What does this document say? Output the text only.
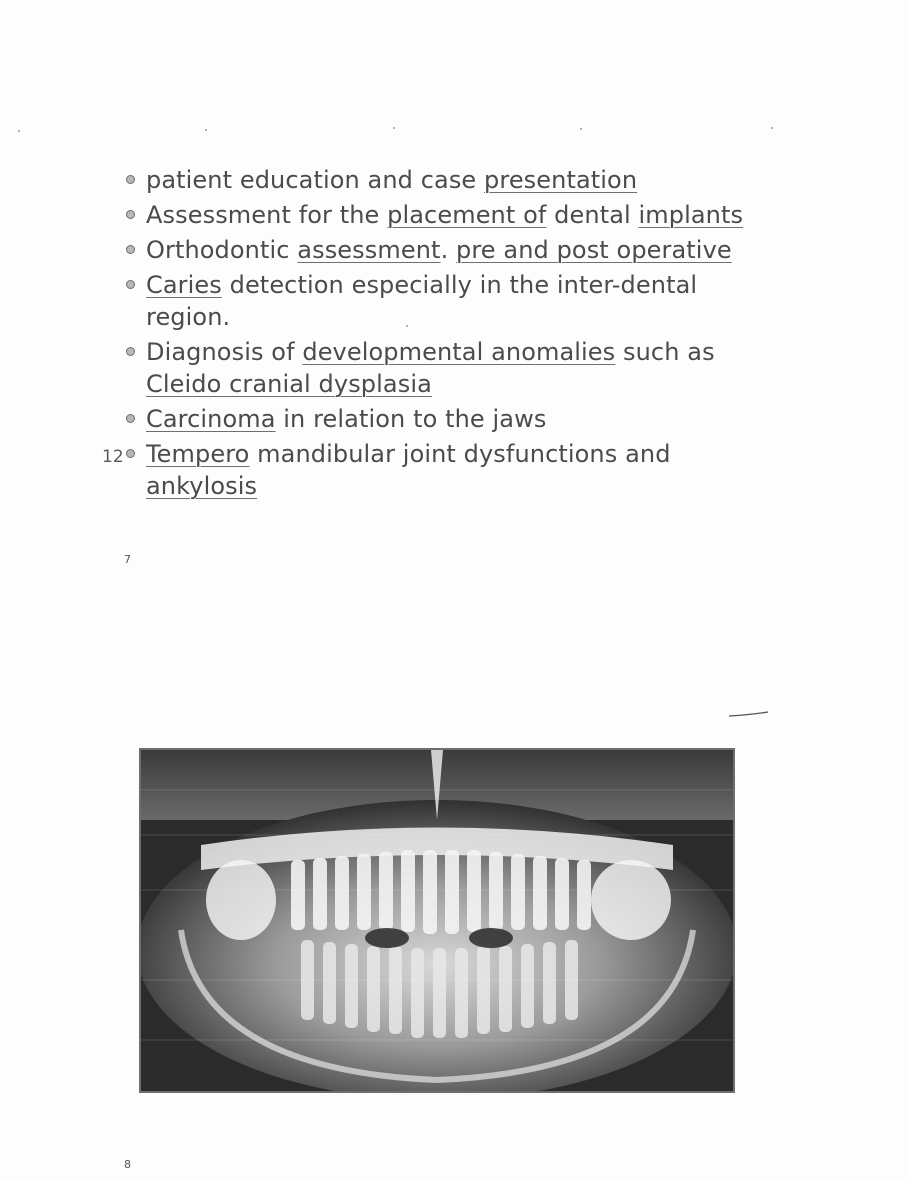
patient education and case presentation
Assessment for the placement of dental implants
Orthodontic assessment. pre and post operative
Caries detection especially in the inter-dental region.
Diagnosis of developmental anomalies such as Cleido cranial dysplasia
Carcinoma in relation to the jaws
Tempero mandibular joint dysfunctions and ankylosis
12
7
8
